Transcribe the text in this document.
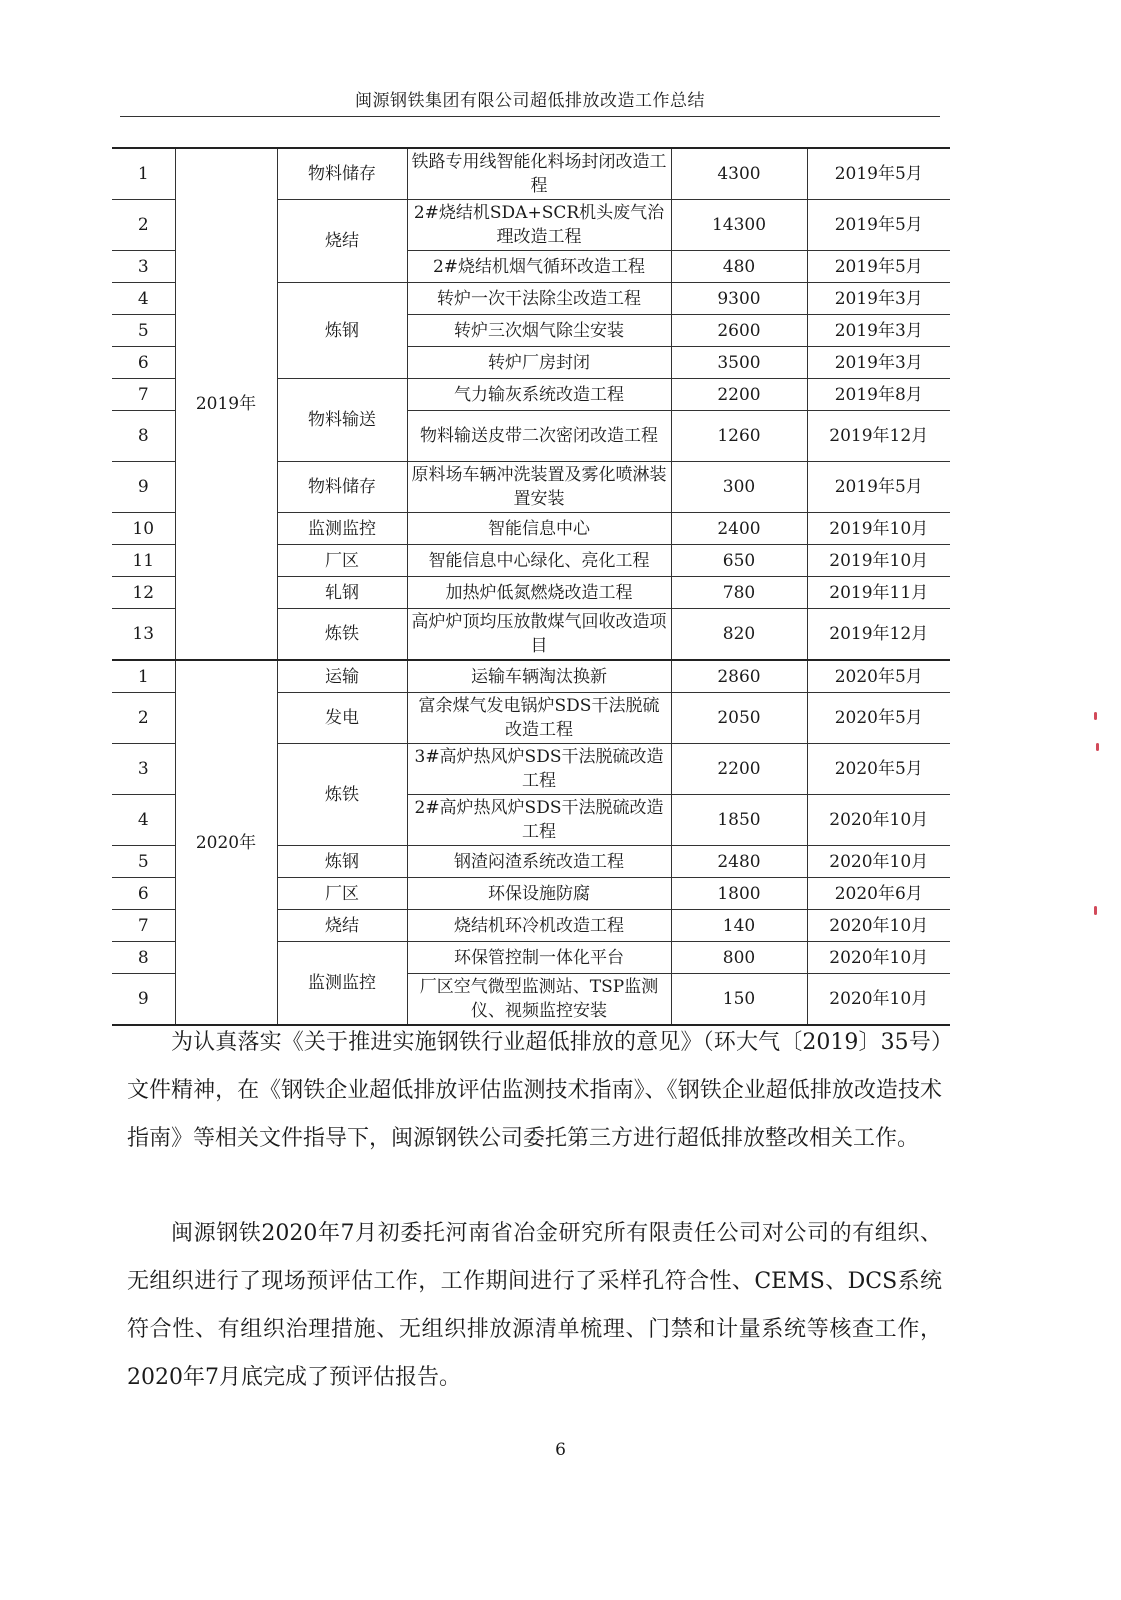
闽源钢铁集团有限公司超低排放改造工作总结
1	2019年	物料储存	铁路专用线智能化料场封闭改造工程	4300	2019年5月
2		烧结	2#烧结机SDA+SCR机头废气治理改造工程	14300	2019年5月
3			2#烧结机烟气循环改造工程	480	2019年5月
4		炼钢	转炉一次干法除尘改造工程	9300	2019年3月
5			转炉三次烟气除尘安装	2600	2019年3月
6			转炉厂房封闭	3500	2019年3月
7		物料输送	气力输灰系统改造工程	2200	2019年8月
8			物料输送皮带二次密闭改造工程	1260	2019年12月
9		物料储存	原料场车辆冲洗装置及雾化喷淋装置安装	300	2019年5月
10		监测监控	智能信息中心	2400	2019年10月
11		厂区	智能信息中心绿化、亮化工程	650	2019年10月
12		轧钢	加热炉低氮燃烧改造工程	780	2019年11月
13		炼铁	高炉炉顶均压放散煤气回收改造项目	820	2019年12月
1	2020年	运输	运输车辆淘汰换新	2860	2020年5月
2		发电	富余煤气发电锅炉SDS干法脱硫改造工程	2050	2020年5月
3		炼铁	3#高炉热风炉SDS干法脱硫改造工程	2200	2020年5月
4			2#高炉热风炉SDS干法脱硫改造工程	1850	2020年10月
5		炼钢	钢渣闷渣系统改造工程	2480	2020年10月
6		厂区	环保设施防腐	1800	2020年6月
7		烧结	烧结机环冷机改造工程	140	2020年10月
8		监测监控	环保管控制一体化平台	800	2020年10月
9			厂区空气微型监测站、TSP监测仪、视频监控安装	150	2020年10月

为认真落实《关于推进实施钢铁行业超低排放的意见》（环大气〔2019〕35号）文件精神，在《钢铁企业超低排放评估监测技术指南》、《钢铁企业超低排放改造技术指南》等相关文件指导下，闽源钢铁公司委托第三方进行超低排放整改相关工作。

闽源钢铁2020年7月初委托河南省冶金研究所有限责任公司对公司的有组织、无组织进行了现场预评估工作，工作期间进行了采样孔符合性、CEMS、DCS系统符合性、有组织治理措施、无组织排放源清单梳理、门禁和计量系统等核查工作，2020年7月底完成了预评估报告。

6
